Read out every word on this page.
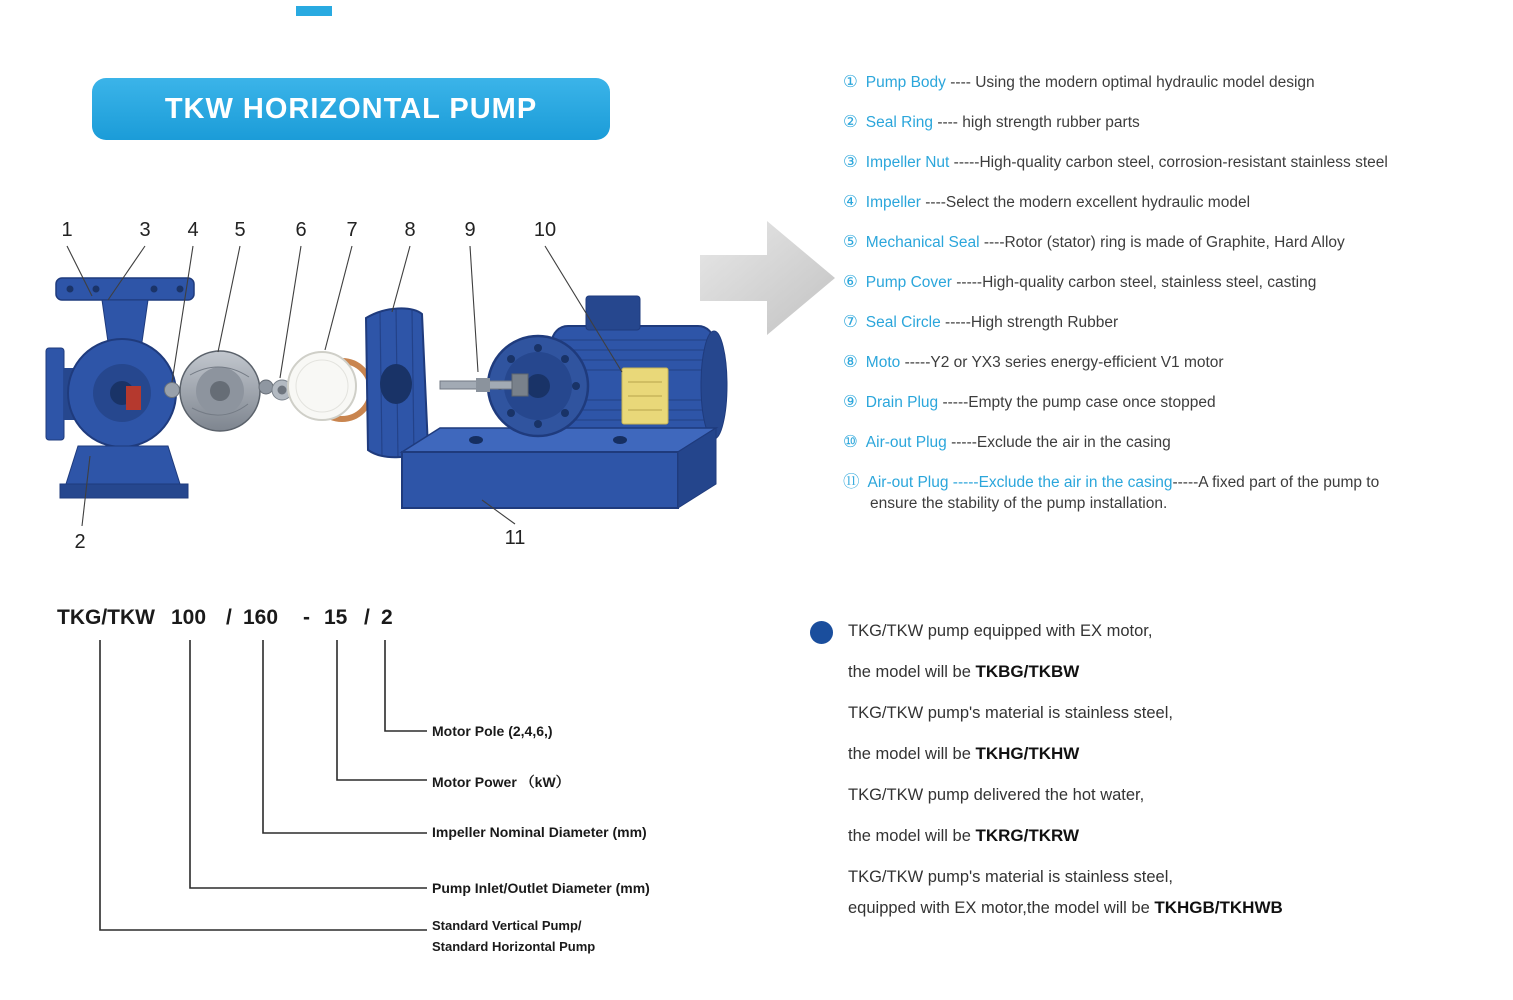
TKW HORIZONTAL PUMP
1	3 4 5 6 7 8 9	10
2	11
① Pump Body ---- Using the modern optimal hydraulic model design
② Seal Ring ---- high strength rubber parts
③ Impeller Nut -----High-quality carbon steel, corrosion-resistant stainless steel
④ Impeller ----Select the modern excellent hydraulic model
⑤ Mechanical Seal ----Rotor (stator) ring is made of Graphite, Hard Alloy
⑥ Pump Cover -----High-quality carbon steel, stainless steel, casting
⑦ Seal Circle -----High strength Rubber
⑧ Moto -----Y2 or YX3 series energy-efficient V1 motor
⑨ Drain Plug -----Empty the pump case once stopped
⑩ Air-out Plug -----Exclude the air in the casing
⑪ Air-out Plug -----Exclude the air in the casing-----A fixed part of the pump to
ensure the stability of the pump installation.
TKG/TKW 100 / 160 - 15 / 2
Motor Pole (2,4,6,)
Motor Power （kW）
Impeller Nominal Diameter (mm)
Pump Inlet/Outlet Diameter (mm)
Standard Vertical Pump/
Standard Horizontal Pump
TKG/TKW pump equipped with EX motor,
the model will be TKBG/TKBW
TKG/TKW pump's material is stainless steel,
the model will be TKHG/TKHW
TKG/TKW pump delivered the hot water,
the model will be TKRG/TKRW
TKG/TKW pump's material is stainless steel,
equipped with EX motor,the model will be TKHGB/TKHWB
